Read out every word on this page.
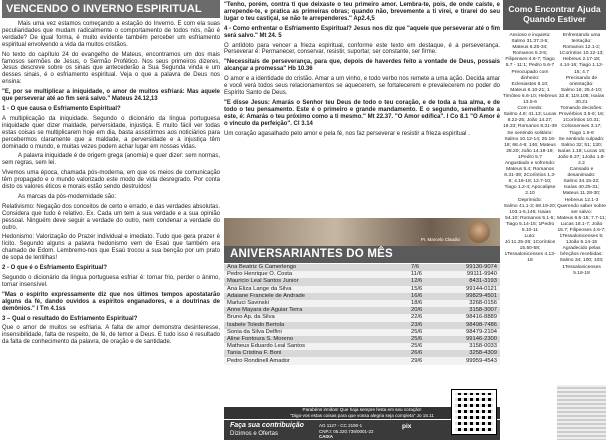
VENCENDO O INVERNO ESPIRITUAL
Mais uma vez estamos começando a estação do Inverno. E com ela suas peculiaridades que mudam radicalmente o comportamento de todos nós, não é verdade? De igual forma, é muito evidente também perceber um esfriamento espiritual envolvendo a vida da muitos cristãos.
No texto do capítulo 24 do evangelho de Mateus, encontramos um dos mais famosos sermões de Jesus, o Sermão Profético. Nos seus primeiros dizeres, Jesus descreve sobre os sinais que antecederão a Sua Segunda vinda e um desses sinais, é o esfriamento espiritual. Veja o que a palavra de Deus nos ensina:
"E, por se multiplicar a iniquidade, o amor de muitos esfriará: Mas aquele que perseverar até ao fim será salvo." Mateus 24.12,13
1 - O que causa o Esfriamento Espiritual?
A multiplicação da iniquidade. Segundo o dicionário da língua portuguesa iniquidade quer dizer maldade, perversidade, injustiça. E muito fácil ver todas estas coisas se multiplicarem hoje em dia, basta assistirmos aos noticiários para percebermos claramente que a maldade, a perversidade e a injustiça têm dominado o mundo, e muitas vezes podem achar lugar em nossas vidas.
A palavra iniquidade é de origem grega (anomia) e quer dizer: sem normas, sem regras, sem lei.
Vivemos uma época, chamada pós-moderna, em que os meios de comunicação têm propagado e o mundo valorizado este modo de vida desregrado. Por conta disto os valores éticos e morais estão sendo destruídos!
As marcas da pós-modernidade são:
Relativismo: Negação dos conceitos de certo e errado, e das verdades absolutas. Considera que tudo é relativo. Ex. Cada um tem a sua verdade e a sua opinião pessoal. Ninguém deve seguir a verdade do outro, nem condenar a verdade do outro.
Hedonismo: Valorização do Prazer individual e imediato. Tudo que gera prazer é lícito. Segundo alguns a palavra hedonismo vem de Esaú que também era chamado de Edom. Lembremo-nos que Esaú trocou a sua benção por um prato de sopa de lentilhas!
2 - O que é o Esfriamento Espiritual?
Segundo o dicionário da língua portuguesa esfriar é: tornar frio, perder o ânimo, tornar insensível.
"Mas o espírito expressamente diz que nos últimos tempos apostatarão alguns da fé, dando ouvidos a espíritos enganadores, e a doutrinas de demônios." I Tm 4.1ss
3 – Qual o resultado do Esfriamento Espiritual?
Que o amor de muitos se esfriaria. A falta de amor demonstra desinteresse, insensibilidade, falta de respeito, de fé, de temor a Deus. E tudo isso é resultado da falta de conhecimento da palavra, de oração e de santidade.
"Tenho, porém, contra ti que deixaste o teu primeiro amor. Lembra-te, pois, de onde caíste, e arrepende-te, e pratica as primeiras obras; quando não, brevemente a ti virei, e tirarei do seu lugar o teu castiçal, se não te arrependeres." Ap2.4,5
4 - Como enfrentar o Esfriamento Espiritual? Jesus nos diz que "aquele que perseverar até o fim será salvo." Mt 24. 5
O antídoto para vencer a frieza espiritual, conforme este texto em destaque, é a perseverança. Perseverar é: Permanecer, conservar, resistir, suportar, ser constante, ser firme.
"Necessitais de perseverança, para que, depois de haverdes feito a vontade de Deus, possais alcançar a promessa" Hb 10.36
O amor e a identidade do cristão. Amar a um vinho, e todo verbo nos remete a uma ação. Decida amar e você verá todos seus relacionamentos se aquecerem, se fortalecerem e prevalecerem no poder do Espírito Santo de Deus.
"E disse Jesus: Amarás o Senhor teu Deus de todo o teu coração, e de toda a tua alma, e de todo o teu pensamento. Este é o primeiro e grande mandamento. E o segundo, semelhante a este, é: Amarás o teu próximo como a ti mesmo." Mt 22.37. "O Amor edifica". I Co 8.1 "O Amor é o vínculo da perfeição". Cl 3.14
Um coração agasalhado pelo amor e pela fé, nos faz perseverar e resistir a frieza espiritual .
Pr. Marcelo Claudio
ANIVERSARIANTES DO MÊS
Ana Beatriz G Camerlengo	7/6	99130-9074
Pedro Henrique O. Costa	11/6	99111-9940
Mauricio Leal Santos Junior	12/6	8431-3193
Ana Eliza Lange da Silva	15/6	99144-0121
Adaiane Franciele de Andrade	16/6	99829-4501
Marluci Savinski	18/6	3268-0156
Anne Mayara de Aguiar Terra	20/6	3158-3007
Bruno Ap. da Silva	22/6	98416-8889
Isabele Toledo Bertola	23/6	98498-7486
Sonia da Silva Delfini	25/6	98479-2104
Aline Fontoura S. Moreno	25/6	99146-2300
Matheus Eduardo Leal Santos	25/6	3158-0033
Tania Cristina F. Boni	26/6	3258-4309
Pedro Rondinell Amador	29/6	99959-4543
Parabéns irmãos! Que haja sempre festa em seu coração!
"Digo-vos estas coisas para que vossa alegria seja completa" Jo 15.11
Faça sua contribuição
Dízimos e Ofertas
AG 1127 - CC 2190-1
CNPJ: 05.220.739/0001-22
CAIXA
pix
Como Encontrar Ajuda Quando Estiver
Ansioso e inquieto:
Salmo 31.37.3-5; Mateus 6.25-34; Romanos 5.3-5; Filipenses 4.6-7; Tiago 5.7 - 11:1; Pedro 5.6-7
Preocupado com dinheiro:
Eclesiastes 5.10; Mateus 6.10-21; 1 Timóteo 6.6-10; Hebreus 13.5-6
Com medo:
Salmo 4.8; 41.13; Lucas 8.22-25; João 14.27; 16.33; Romanos 8.31-39
Se sentindo solitário:
Salmo 10.12-14; 25.16-18; 68.4-6; 146; Mateus 28.20; João 14.18-19; 1Pedro 5.7
Angustiado e sofrendo:
Mateus 5.4; Romanos 8.31-39; 2Coríntios 1.3-6; 4.16-18; 12.7-10; Tiago 1.2-4; Apocalipse 2.10
Deprimido:
Salmo 41.1-3; 68.19-20; 103.1-5,146; Isaias 54.10; Romanos 5.1-5; Tiago 5.14-15; 1Pedro 5.10-11
Luto:
Jó 11.25-26; 1Coríntios 15.50-58; 1Tessalonicenses 4.13-18
Enfrentando uma tentação:
Romanos 12.1-2; 1Coríntios 10.12-13; Hebreus 2.17-18; 4.14-16; Tiago 1.12-15; 4.7
Precisando de orientação:
Salmo 16; 25.4-10; 32.8; 119.105; Isaías 30.21
Tomando decisões:
Provérbios 3.5-6; 16; 1Coríntios 10.31; Colossenses 3.17; Tiago 1.5-8
Se sentindo culpado:
Salmo 32; 51; 130; Isaías 1.18; Lucas 15; João 8.37; 1João 1.8-2.2
Cansado e desanimado:
Salmo 34.15-22; Isaías 40.25-31; Mateus 11.28-30; Hebreus 12.1-3
Querendo saber sobre ser salvo:
Mateus 6.5-15; 7.7-11; Lucas 18.1-7; João 15.7; Filipenses 4.6-7; 1Tessalonicenses 5; 1João 5.14-15
Agradecido pelas bênçãos recebidas:
Salmo 34; 100; 103; 1Tessalonicenses 5.16-18
